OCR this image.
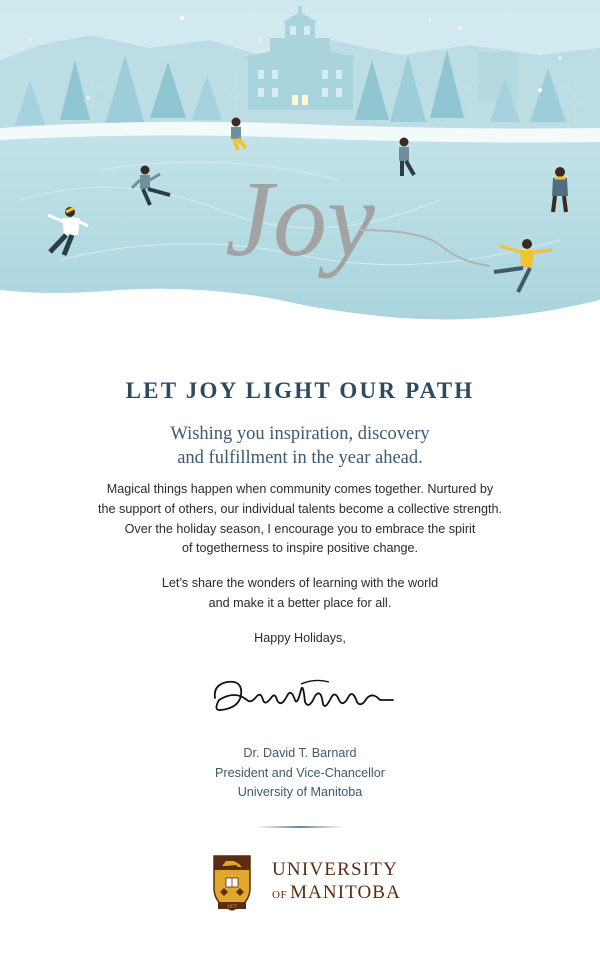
Joy
LET JOY LIGHT OUR PATH
Wishing you inspiration, discovery
and fulfillment in the year ahead.
Magical things happen when community comes together. Nurtured by
the support of others, our individual talents become a collective strength.
Over the holiday season, I encourage you to embrace the spirit
of togetherness to inspire positive change.
Let’s share the wonders of learning with the world
and make it a better place for all.
Happy Holidays,
Dr. David T. Barnard
President and Vice-Chancellor
University of Manitoba
1877
UNIVERSITY
OF MANITOBA
